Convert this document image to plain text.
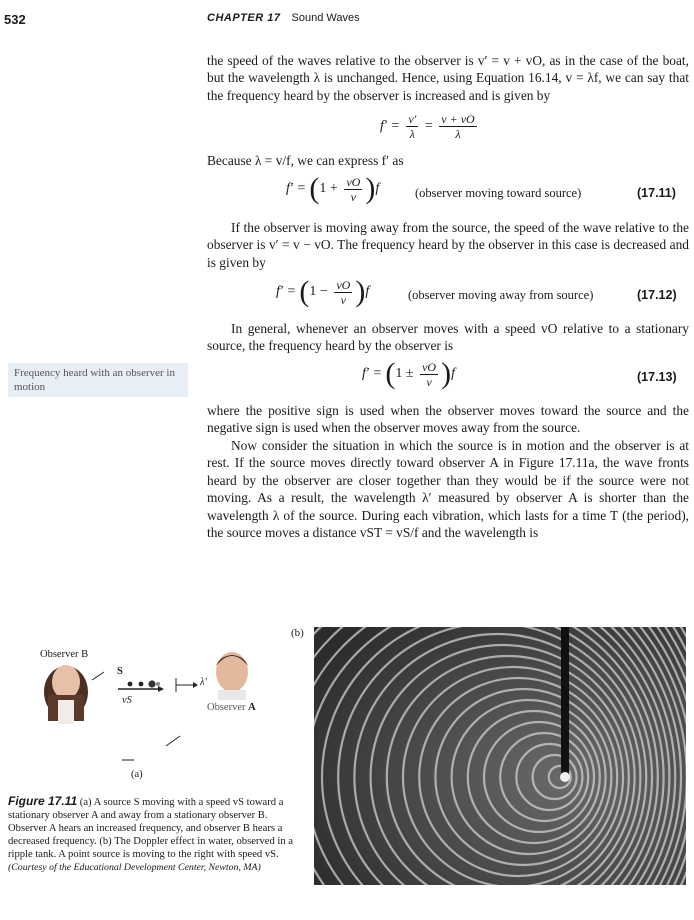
532	CHAPTER 17 Sound Waves
the speed of the waves relative to the observer is v′ = v + vO, as in the case of the boat, but the wavelength λ is unchanged. Hence, using Equation 16.14, v = λf, we can say that the frequency heard by the observer is increased and is given by
$f' = \frac{v'}{\lambda} = \frac{v + vO}{\lambda}$
Because λ = v/f, we can express f′ as
$f' = (1 + \frac{vO}{v} )f$	(observer moving toward source)	(17.11)
If the observer is moving away from the source, the speed of the wave relative to the observer is v′ = v − vO. The frequency heard by the observer in this case is decreased and is given by
$f' = (1 - \frac{vO}{v} )f$	(observer moving away from source)	(17.12)
In general, whenever an observer moves with a speed vO relative to a stationary source, the frequency heard by the observer is
Frequency heard with an observer in motion
$f' = (1 \pm \frac{vO}{v} )f$	(17.13)
where the positive sign is used when the observer moves toward the source and the negative sign is used when the observer moves away from the source.
Now consider the situation in which the source is in motion and the observer is at rest. If the source moves directly toward observer A in Figure 17.11a, the wave fronts heard by the observer are closer together than they would be if the source were not moving. As a result, the wavelength λ′ measured by observer A is shorter than the wavelength λ of the source. During each vibration, which lasts for a time T (the period), the source moves a distance vST = vS/f and the wavelength is
Observer B
S
vS
λ′
Observer A
(a)
(b)
Figure 17.11 (a) A source S moving with a speed vS toward a stationary observer A and away from a stationary observer B. Observer A hears an increased frequency, and observer B hears a decreased frequency. (b) The Doppler effect in water, observed in a ripple tank. A point source is moving to the right with speed vS. (Courtesy of the Educational Development Center, Newton, MA)
